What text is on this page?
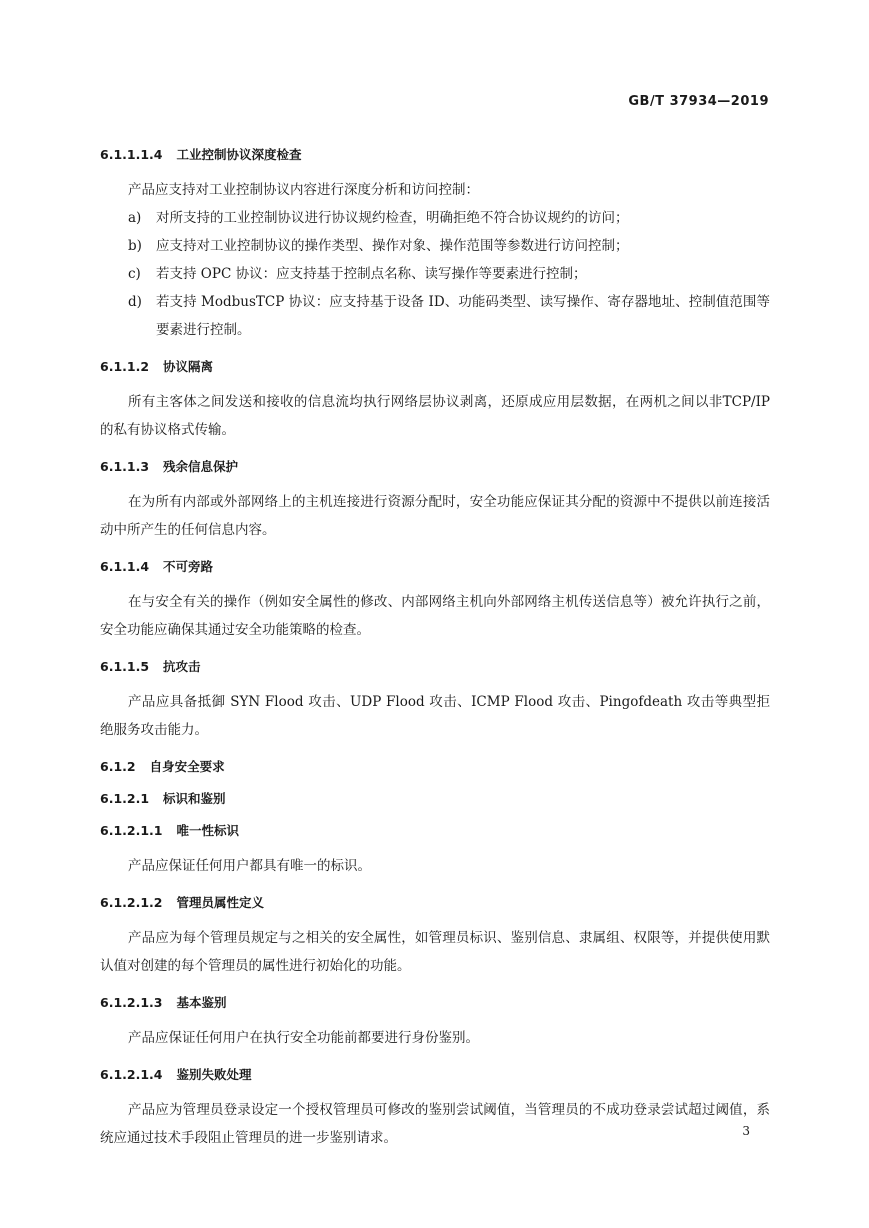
GB/T 37934—2019
6.1.1.1.4 工业控制协议深度检查

产品应支持对工业控制协议内容进行深度分析和访问控制：

a) 对所支持的工业控制协议进行协议规约检查，明确拒绝不符合协议规约的访问；
b) 应支持对工业控制协议的操作类型、操作对象、操作范围等参数进行访问控制；
c) 若支持 OPC 协议：应支持基于控制点名称、读写操作等要素进行控制；
d) 若支持 ModbusTCP 协议：应支持基于设备 ID、功能码类型、读写操作、寄存器地址、控制值范围等要素进行控制。
6.1.1.2 协议隔离

所有主客体之间发送和接收的信息流均执行网络层协议剥离，还原成应用层数据，在两机之间以非TCP/IP 的私有协议格式传输。

6.1.1.3 残余信息保护

在为所有内部或外部网络上的主机连接进行资源分配时，安全功能应保证其分配的资源中不提供以前连接活动中所产生的任何信息内容。

6.1.1.4 不可旁路

在与安全有关的操作（例如安全属性的修改、内部网络主机向外部网络主机传送信息等）被允许执行之前，安全功能应确保其通过安全功能策略的检查。

6.1.1.5 抗攻击

产品应具备抵御 SYN Flood 攻击、UDP Flood 攻击、ICMP Flood 攻击、Pingofdeath 攻击等典型拒绝服务攻击能力。

6.1.2 自身安全要求
6.1.2.1 标识和鉴别
6.1.2.1.1 唯一性标识

产品应保证任何用户都具有唯一的标识。

6.1.2.1.2 管理员属性定义

产品应为每个管理员规定与之相关的安全属性，如管理员标识、鉴别信息、隶属组、权限等，并提供使用默认值对创建的每个管理员的属性进行初始化的功能。

6.1.2.1.3 基本鉴别

产品应保证任何用户在执行安全功能前都要进行身份鉴别。

6.1.2.1.4 鉴别失败处理

产品应为管理员登录设定一个授权管理员可修改的鉴别尝试阈值，当管理员的不成功登录尝试超过阈值，系统应通过技术手段阻止管理员的进一步鉴别请求。	3
